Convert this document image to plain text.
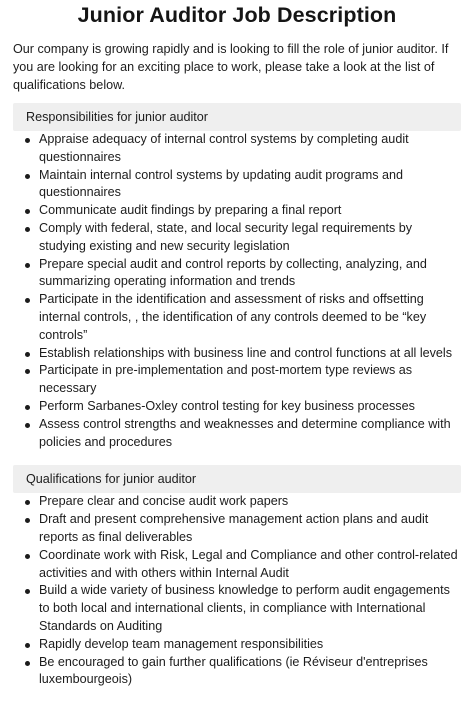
Junior Auditor Job Description

Our company is growing rapidly and is looking to fill the role of junior auditor. If you are looking for an exciting place to work, please take a look at the list of qualifications below.

Responsibilities for junior auditor
Appraise adequacy of internal control systems by completing audit questionnaires
Maintain internal control systems by updating audit programs and questionnaires
Communicate audit findings by preparing a final report
Comply with federal, state, and local security legal requirements by studying existing and new security legislation
Prepare special audit and control reports by collecting, analyzing, and summarizing operating information and trends
Participate in the identification and assessment of risks and offsetting internal controls, , the identification of any controls deemed to be “key controls”
Establish relationships with business line and control functions at all levels
Participate in pre-implementation and post-mortem type reviews as necessary
Perform Sarbanes-Oxley control testing for key business processes
Assess control strengths and weaknesses and determine compliance with policies and procedures
Qualifications for junior auditor
Prepare clear and concise audit work papers
Draft and present comprehensive management action plans and audit reports as final deliverables
Coordinate work with Risk, Legal and Compliance and other control-related activities and with others within Internal Audit
Build a wide variety of business knowledge to perform audit engagements to both local and international clients, in compliance with International Standards on Auditing
Rapidly develop team management responsibilities
Be encouraged to gain further qualifications (ie Réviseur d'entreprises luxembourgeois)
